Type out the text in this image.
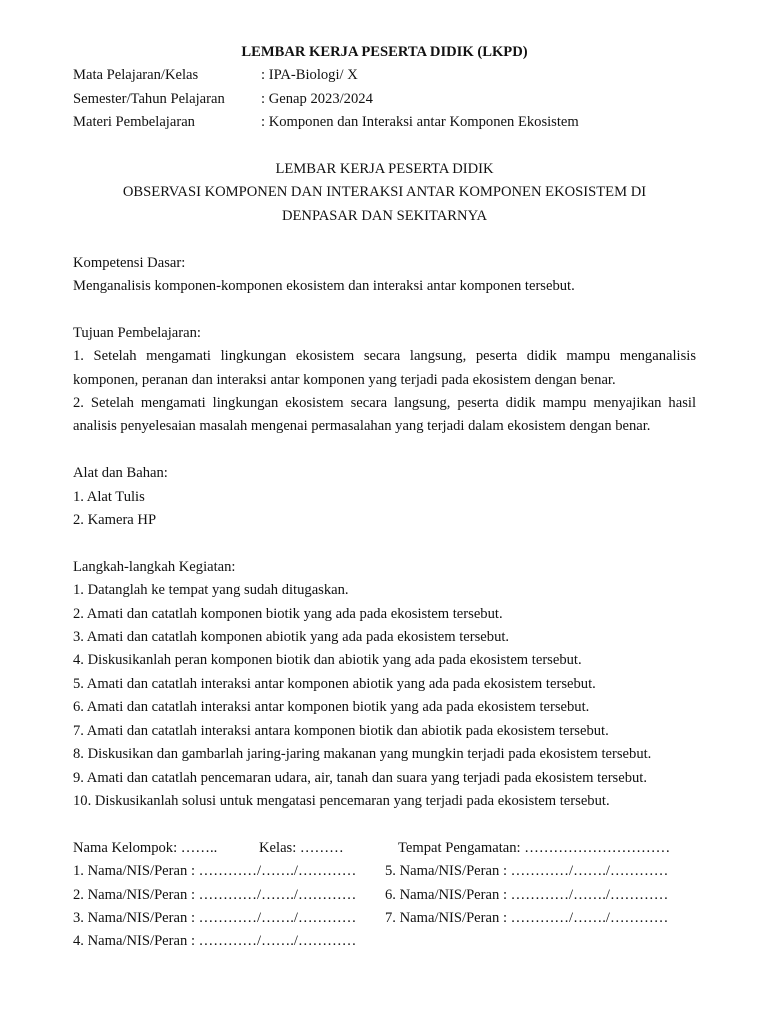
LEMBAR KERJA PESERTA DIDIK (LKPD)
Mata Pelajaran/Kelas	: IPA-Biologi/ X
Semester/Tahun Pelajaran	: Genap 2023/2024
Materi Pembelajaran	: Komponen dan Interaksi antar Komponen Ekosistem
LEMBAR KERJA PESERTA DIDIK
OBSERVASI KOMPONEN DAN INTERAKSI ANTAR KOMPONEN EKOSISTEM DI
DENPASAR DAN SEKITARNYA
Kompetensi Dasar:
Menganalisis komponen-komponen ekosistem dan interaksi antar komponen tersebut.
Tujuan Pembelajaran:
1. Setelah mengamati lingkungan ekosistem secara langsung, peserta didik mampu menganalisis komponen, peranan dan interaksi antar komponen yang terjadi pada ekosistem dengan benar.
2. Setelah mengamati lingkungan ekosistem secara langsung, peserta didik mampu menyajikan hasil analisis penyelesaian masalah mengenai permasalahan yang terjadi dalam ekosistem dengan benar.
Alat dan Bahan:
1. Alat Tulis
2. Kamera HP
Langkah-langkah Kegiatan:
1. Datanglah ke tempat yang sudah ditugaskan.
2. Amati dan catatlah komponen biotik yang ada pada ekosistem tersebut.
3. Amati dan catatlah komponen abiotik yang ada pada ekosistem tersebut.
4. Diskusikanlah peran komponen biotik dan abiotik yang ada pada ekosistem tersebut.
5. Amati dan catatlah interaksi antar komponen abiotik yang ada pada ekosistem tersebut.
6. Amati dan catatlah interaksi antar komponen biotik yang ada pada ekosistem tersebut.
7. Amati dan catatlah interaksi antara komponen biotik dan abiotik pada ekosistem tersebut.
8. Diskusikan dan gambarlah jaring-jaring makanan yang mungkin terjadi pada ekosistem tersebut.
9. Amati dan catatlah pencemaran udara, air, tanah dan suara yang terjadi pada ekosistem tersebut.
10. Diskusikanlah solusi untuk mengatasi pencemaran yang terjadi pada ekosistem tersebut.
Nama Kelompok: ……..	Kelas: ………	Tempat Pengamatan: …………………………
1. Nama/NIS/Peran : …………/……./…………	5. Nama/NIS/Peran : …………/……./…………
2. Nama/NIS/Peran : …………/……./…………	6. Nama/NIS/Peran : …………/……./…………
3. Nama/NIS/Peran : …………/……./…………	7. Nama/NIS/Peran : …………/……./…………
4. Nama/NIS/Peran : …………/……./…………
